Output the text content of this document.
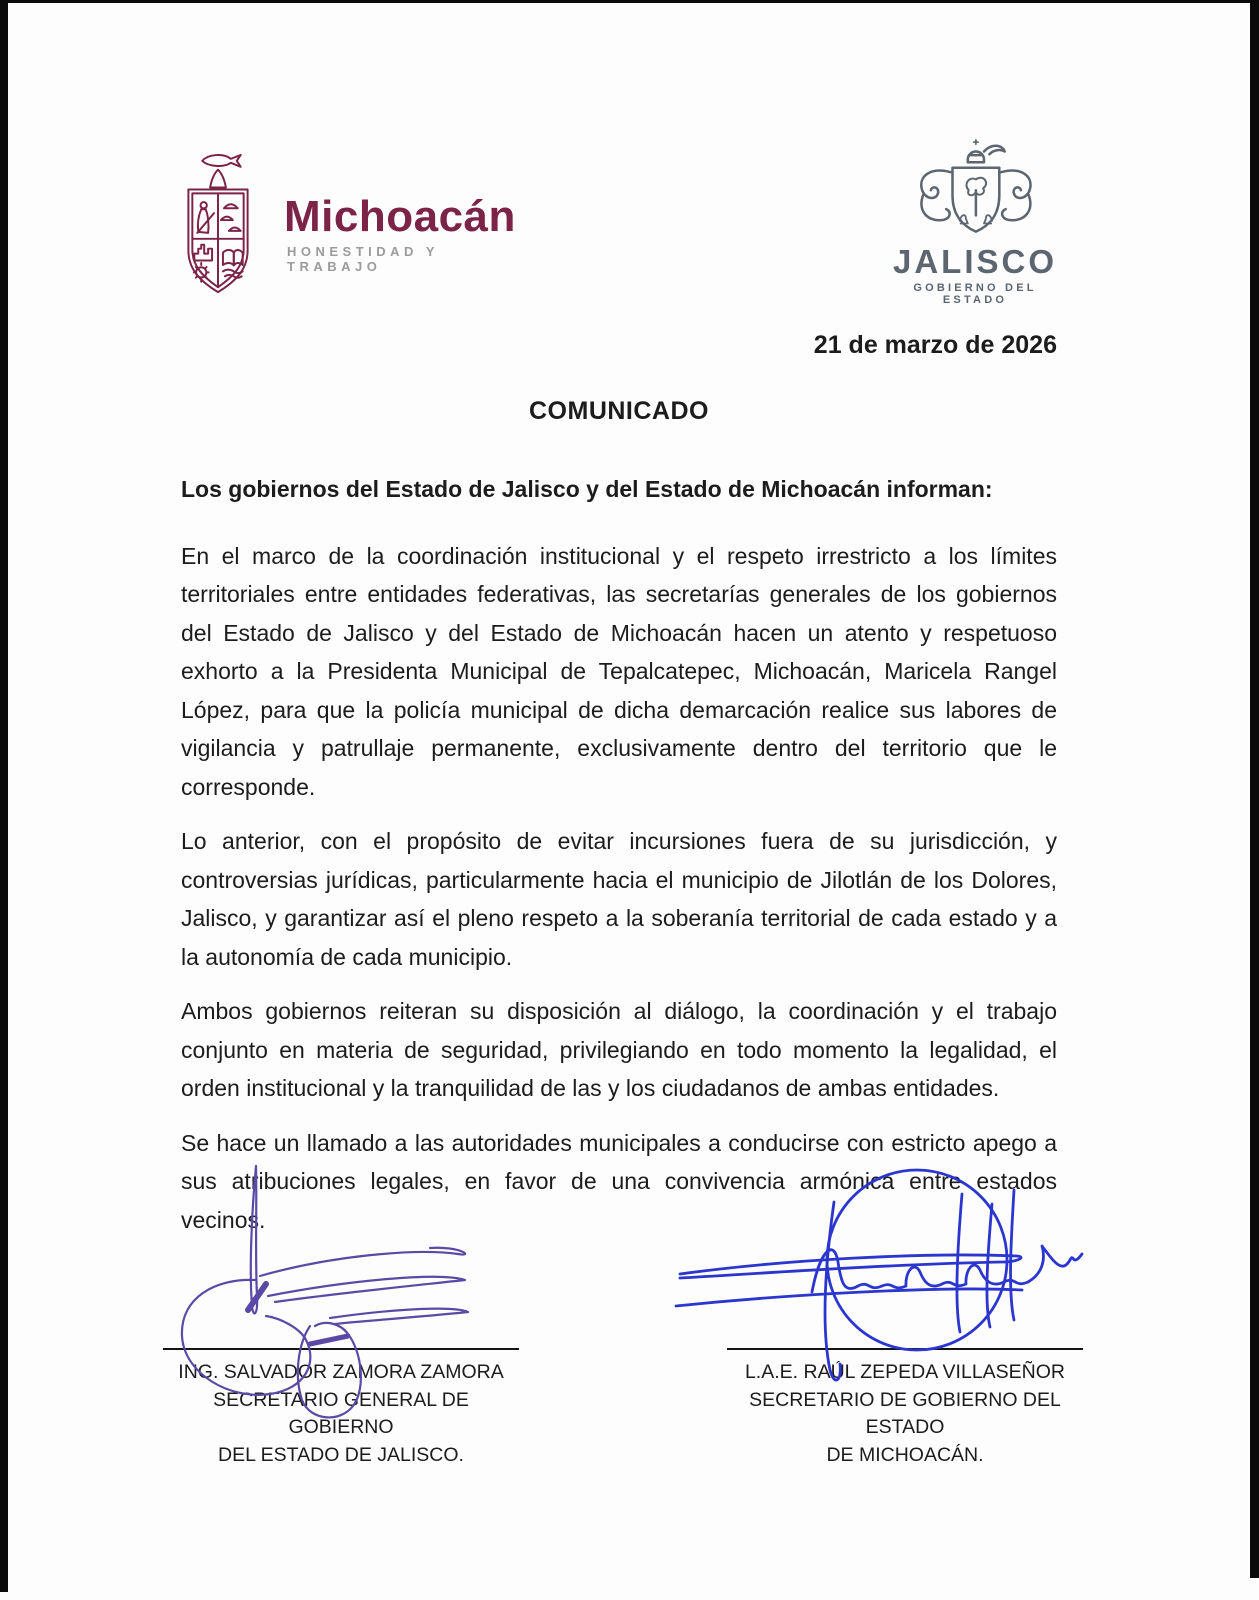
Michoacán
HONESTIDAD Y TRABAJO	JALISCO
GOBIERNO DEL ESTADO

21 de marzo de 2026

COMUNICADO

Los gobiernos del Estado de Jalisco y del Estado de Michoacán informan:

En el marco de la coordinación institucional y el respeto irrestricto a los límites territoriales entre entidades federativas, las secretarías generales de los gobiernos del Estado de Jalisco y del Estado de Michoacán hacen un atento y respetuoso exhorto a la Presidenta Municipal de Tepalcatepec, Michoacán, Maricela Rangel López, para que la policía municipal de dicha demarcación realice sus labores de vigilancia y patrullaje permanente, exclusivamente dentro del territorio que le corresponde.

Lo anterior, con el propósito de evitar incursiones fuera de su jurisdicción, y controversias jurídicas, particularmente hacia el municipio de Jilotlán de los Dolores, Jalisco, y garantizar así el pleno respeto a la soberanía territorial de cada estado y a la autonomía de cada municipio.

Ambos gobiernos reiteran su disposición al diálogo, la coordinación y el trabajo conjunto en materia de seguridad, privilegiando en todo momento la legalidad, el orden institucional y la tranquilidad de las y los ciudadanos de ambas entidades.

Se hace un llamado a las autoridades municipales a conducirse con estricto apego a sus atribuciones legales, en favor de una convivencia armónica entre estados vecinos.

ING. SALVADOR ZAMORA ZAMORA
SECRETARIO GENERAL DE GOBIERNO
DEL ESTADO DE JALISCO.
L.A.E. RAÚL ZEPEDA VILLASEÑOR
SECRETARIO DE GOBIERNO DEL ESTADO
DE MICHOACÁN.
